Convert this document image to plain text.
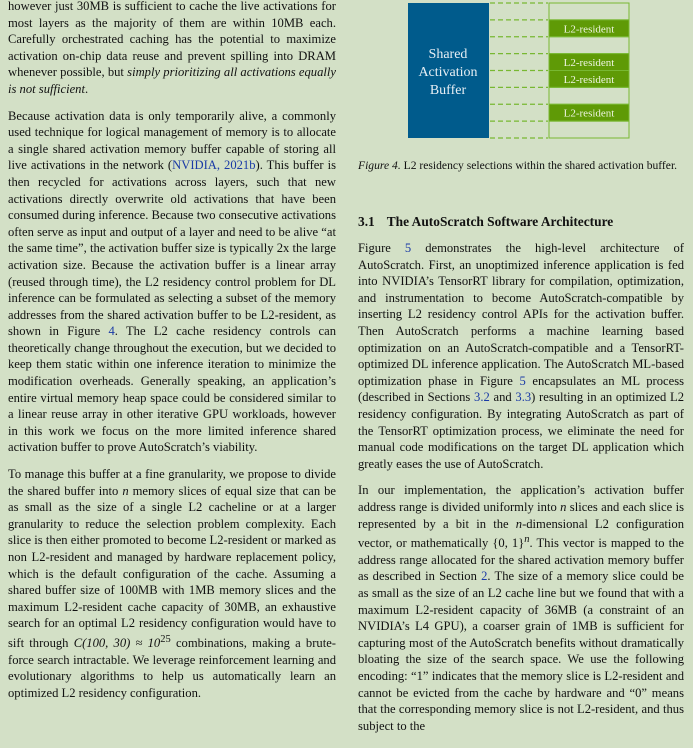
however just 30MB is sufficient to cache the live activations for most layers as the majority of them are within 10MB each. Carefully orchestrated caching has the potential to maximize activation on-chip data reuse and prevent spilling into DRAM whenever possible, but simply prioritizing all activations equally is not sufficient.

Because activation data is only temporarily alive, a commonly used technique for logical management of memory is to allocate a single shared activation memory buffer capable of storing all live activations in the network (NVIDIA, 2021b). This buffer is then recycled for activations across layers, such that new activations directly overwrite old activations that have been consumed during inference. Because two consecutive activations often serve as input and output of a layer and need to be alive “at the same time”, the activation buffer size is typically 2x the large activation size. Because the activation buffer is a linear array (reused through time), the L2 residency control problem for DL inference can be formulated as selecting a subset of the memory addresses from the shared activation buffer to be L2-resident, as shown in Figure 4. The L2 cache residency controls can theoretically change throughout the execution, but we decided to keep them static within one inference iteration to minimize the modification overheads. Generally speaking, an application’s entire virtual memory heap space could be considered similar to a linear reuse array in other iterative GPU workloads, however in this work we focus on the more limited inference shared activation buffer to prove AutoScratch’s viability.

To manage this buffer at a fine granularity, we propose to divide the shared buffer into n memory slices of equal size that can be as small as the size of a single L2 cacheline or at a larger granularity to reduce the selection problem complexity. Each slice is then either promoted to become L2-resident or marked as non L2-resident and managed by hardware replacement policy, which is the default configuration of the cache. Assuming a shared buffer size of 100MB with 1MB memory slices and the maximum L2-resident cache capacity of 30MB, an exhaustive search for an optimal L2 residency configuration would have to sift through C(100, $30) \approx 10^{25}$ combinations, making a brute-force search intractable. We leverage reinforcement learning and evolutionary algorithms to help us automatically learn an optimized L2 residency configuration.

Shared
Activation
Buffer
L2-resident
L2-resident
L2-resident
L2-resident
Figure 4. L2 residency selections within the shared activation buffer.
3.1 The AutoScratch Software Architecture

Figure 5 demonstrates the high-level architecture of AutoScratch. First, an unoptimized inference application is fed into NVIDIA’s TensorRT library for compilation, optimization, and instrumentation to become AutoScratch-compatible by inserting L2 residency control APIs for the activation buffer. Then AutoScratch performs a machine learning based optimization on an AutoScratch-compatible and a TensorRT-optimized DL inference application. The AutoScratch ML-based optimization phase in Figure 5 encapsulates an ML process (described in Sections 3.2 and 3.3) resulting in an optimized L2 residency configuration. By integrating AutoScratch as part of the TensorRT optimization process, we eliminate the need for manual code modifications on the target DL application which greatly eases the use of AutoScratch.

In our implementation, the application’s activation buffer address range is divided uniformly into n slices and each slice is represented by a bit in the n-dimensional L2 configuration vector, or mathematically {0, 1}$^n$. This vector is mapped to the address range allocated for the shared activation memory buffer as described in Section 2. The size of a memory slice could be as small as the size of an L2 cache line but we found that with a maximum L2-resident capacity of 36MB (a constraint of an NVIDIA’s L4 GPU), a coarser grain of 1MB is sufficient for capturing most of the AutoScratch benefits without dramatically bloating the size of the search space. We use the following encoding: “1” indicates that the memory slice is L2-resident and cannot be evicted from the cache by hardware and “0” means that the corresponding memory slice is not L2-resident, and thus subject to the
